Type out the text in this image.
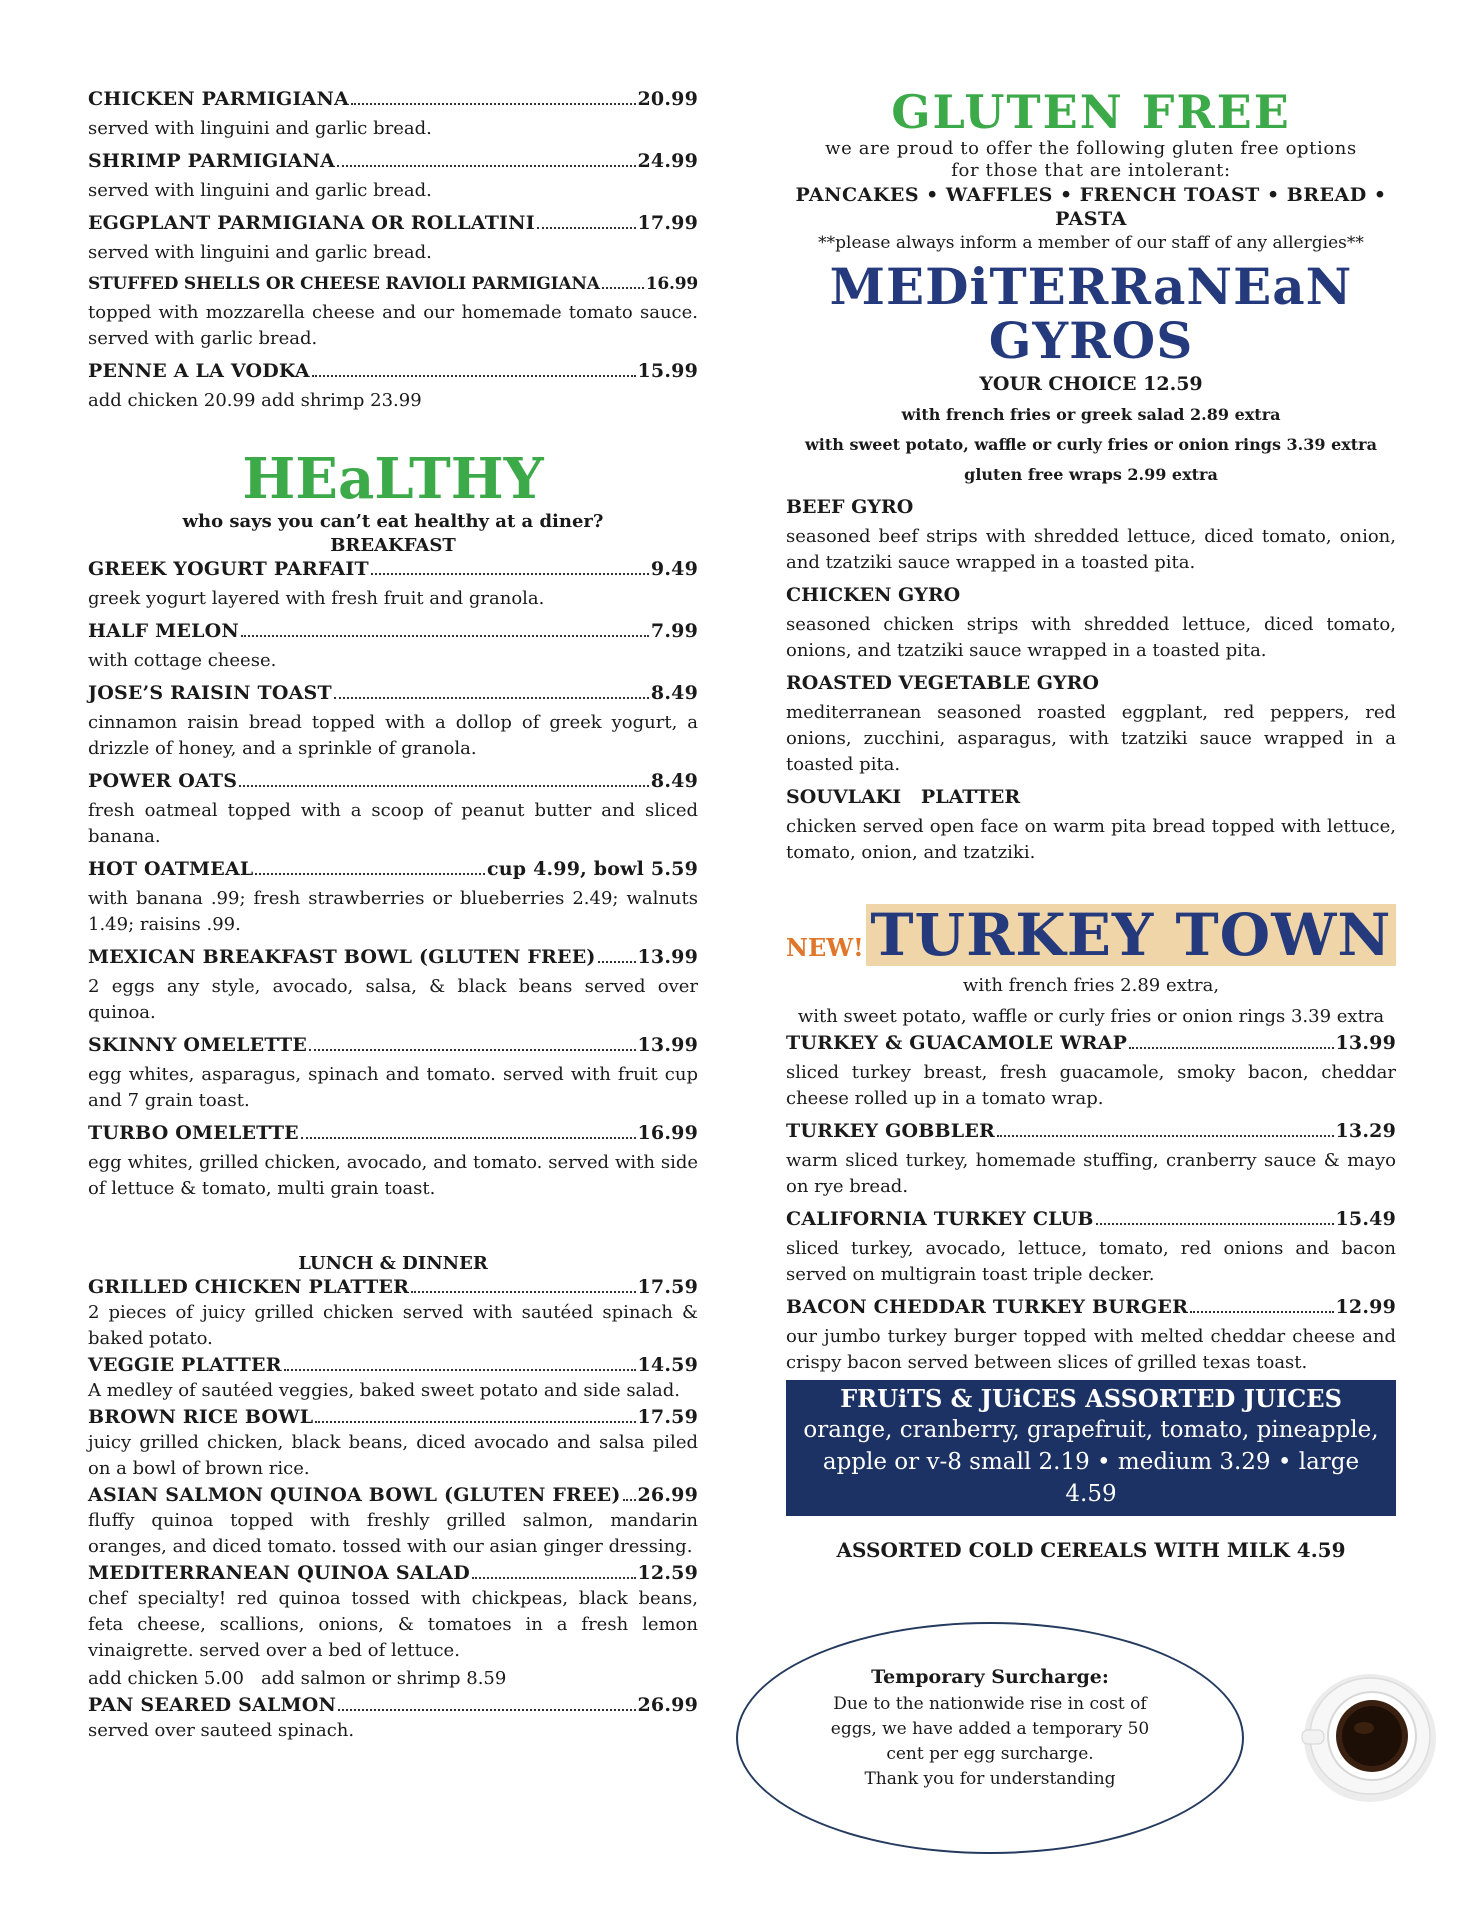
CHICKEN PARMIGIANA	20.99
served with linguini and garlic bread.
SHRIMP PARMIGIANA	24.99
served with linguini and garlic bread.
EGGPLANT PARMIGIANA OR ROLLATINI	17.99
served with linguini and garlic bread.
STUFFED SHELLS OR CHEESE RAVIOLI PARMIGIANA	16.99
topped with mozzarella cheese and our homemade tomato sauce. served with garlic bread.
PENNE A LA VODKA	15.99
add chicken 20.99 add shrimp 23.99
HEaLTHY
who says you can’t eat healthy at a diner?
BREAKFAST
GREEK YOGURT PARFAIT	9.49
greek yogurt layered with fresh fruit and granola.
HALF MELON	7.99
with cottage cheese.
JOSE’S RAISIN TOAST	8.49
cinnamon raisin bread topped with a dollop of greek yogurt, a drizzle of honey, and a sprinkle of granola.
POWER OATS	8.49
fresh oatmeal topped with a scoop of peanut butter and sliced banana.
HOT OATMEAL	cup 4.99, bowl 5.59
with banana .99; fresh strawberries or blueberries 2.49; walnuts 1.49; raisins .99.
MEXICAN BREAKFAST BOWL (GLUTEN FREE) 13.99
2 eggs any style, avocado, salsa, & black beans served over quinoa.
SKINNY OMELETTE	13.99
egg whites, asparagus, spinach and tomato. served with fruit cup and 7 grain toast.
TURBO OMELETTE	16.99
egg whites, grilled chicken, avocado, and tomato. served with side of lettuce & tomato, multi grain toast.
LUNCH & DINNER
GRILLED CHICKEN PLATTER	17.59
2 pieces of juicy grilled chicken served with sautéed spinach & baked potato.
VEGGIE PLATTER	14.59
A medley of sautéed veggies, baked sweet potato and side salad.
BROWN RICE BOWL	17.59
juicy grilled chicken, black beans, diced avocado and salsa piled on a bowl of brown rice.
ASIAN SALMON QUINOA BOWL (GLUTEN FREE) 26.99
fluffy quinoa topped with freshly grilled salmon, mandarin oranges, and diced tomato. tossed with our asian ginger dressing.
MEDITERRANEAN QUINOA SALAD	12.59
chef specialty! red quinoa tossed with chickpeas, black beans, feta cheese, scallions, onions, & tomatoes in a fresh lemon vinaigrette. served over a bed of lettuce.
add chicken 5.00   add salmon or shrimp 8.59
PAN SEARED SALMON	26.99
served over sauteed spinach.
GLUTEN FREE
we are proud to offer the following gluten free options
for those that are intolerant:
PANCAKES • WAFFLES • FRENCH TOAST • BREAD •
PASTA
**please always inform a member of our staff of any allergies**
MEDiTERRaNEaN
GYROS
YOUR CHOICE 12.59
with french fries or greek salad 2.89 extra
with sweet potato, waffle or curly fries or onion rings 3.39 extra
gluten free wraps 2.99 extra
BEEF GYRO
seasoned beef strips with shredded lettuce, diced tomato, onion, and tzatziki sauce wrapped in a toasted pita.
CHICKEN GYRO
seasoned chicken strips with shredded lettuce, diced tomato, onions, and tzatziki sauce wrapped in a toasted pita.
ROASTED VEGETABLE GYRO
mediterranean seasoned roasted eggplant, red peppers, red onions, zucchini, asparagus, with tzatziki sauce wrapped in a toasted pita.
SOUVLAKI   PLATTER
chicken served open face on warm pita bread topped with lettuce, tomato, onion, and tzatziki.
NEW! TURKEY TOWN
with french fries 2.89 extra,
with sweet potato, waffle or curly fries or onion rings 3.39 extra
TURKEY & GUACAMOLE WRAP	13.99
sliced turkey breast, fresh guacamole, smoky bacon, cheddar cheese rolled up in a tomato wrap.
TURKEY GOBBLER	13.29
warm sliced turkey, homemade stuffing, cranberry sauce & mayo on rye bread.
CALIFORNIA TURKEY CLUB	15.49
sliced turkey, avocado, lettuce, tomato, red onions and bacon served on multigrain toast triple decker.
BACON CHEDDAR TURKEY BURGER	12.99
our jumbo turkey burger topped with melted cheddar cheese and crispy bacon served between slices of grilled texas toast.
FRUiTS & JUiCES ASSORTED JUICES
orange, cranberry, grapefruit, tomato, pineapple,
apple or v-8 small 2.19 • medium 3.29 • large 4.59
ASSORTED COLD CEREALS WITH MILK 4.59
Temporary Surcharge:
Due to the nationwide rise in cost of eggs, we have added a temporary 50 cent per egg surcharge.
Thank you for understanding
